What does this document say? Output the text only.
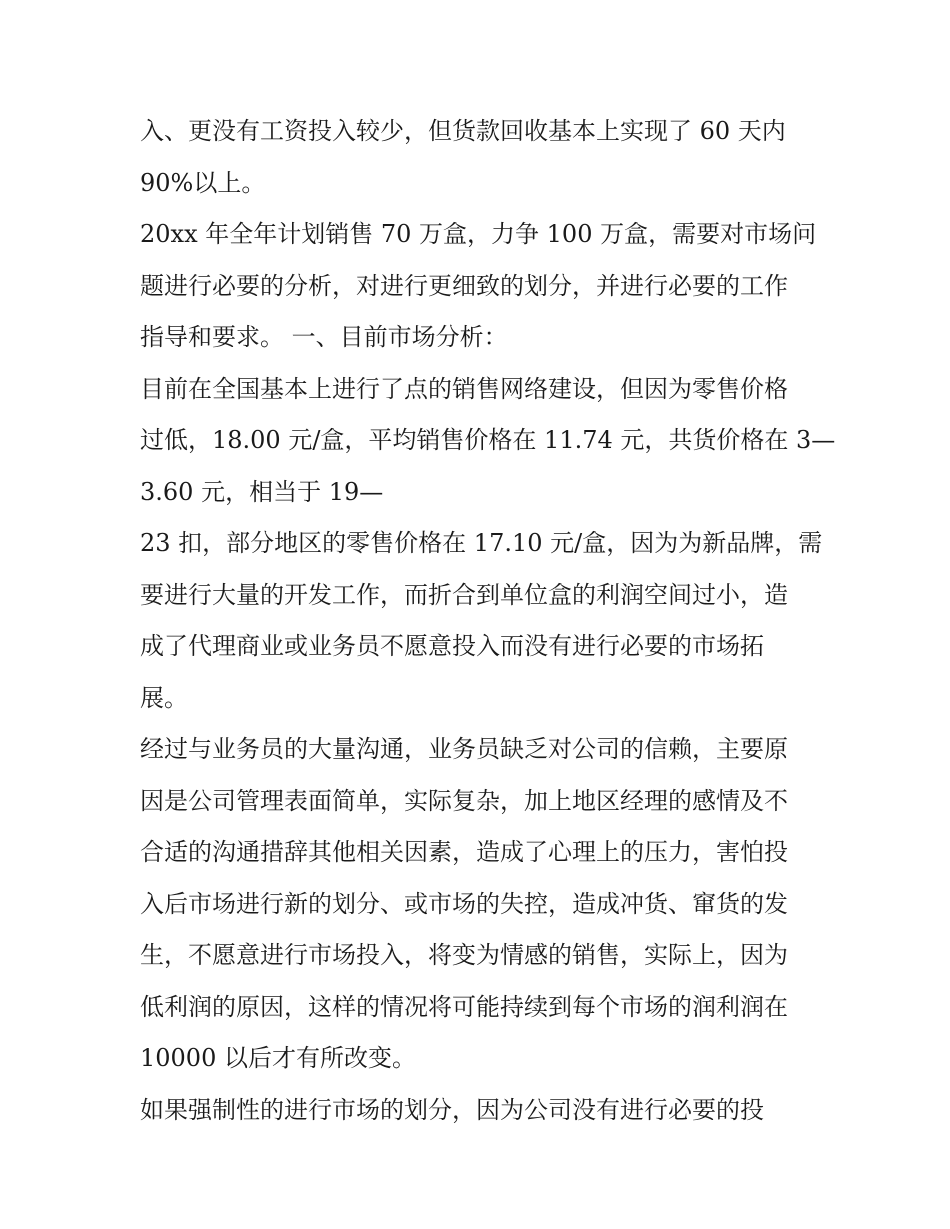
入、更没有工资投入较少，但货款回收基本上实现了 60 天内
90%以上。
20xx 年全年计划销售 70 万盒，力争 100 万盒，需要对市场问
题进行必要的分析，对进行更细致的划分，并进行必要的工作
指导和要求。 一、目前市场分析：
目前在全国基本上进行了点的销售网络建设，但因为零售价格
过低，18.00 元/盒，平均销售价格在 11.74 元，共货价格在 3—
3.60 元，相当于 19—
23 扣，部分地区的零售价格在 17.10 元/盒，因为为新品牌，需
要进行大量的开发工作，而折合到单位盒的利润空间过小，造
成了代理商业或业务员不愿意投入而没有进行必要的市场拓
展。
经过与业务员的大量沟通，业务员缺乏对公司的信赖，主要原
因是公司管理表面简单，实际复杂，加上地区经理的感情及不
合适的沟通措辞其他相关因素，造成了心理上的压力，害怕投
入后市场进行新的划分、或市场的失控，造成冲货、窜货的发
生，不愿意进行市场投入，将变为情感的销售，实际上，因为
低利润的原因，这样的情况将可能持续到每个市场的润利润在
10000 以后才有所改变。
如果强制性的进行市场的划分，因为公司没有进行必要的投
